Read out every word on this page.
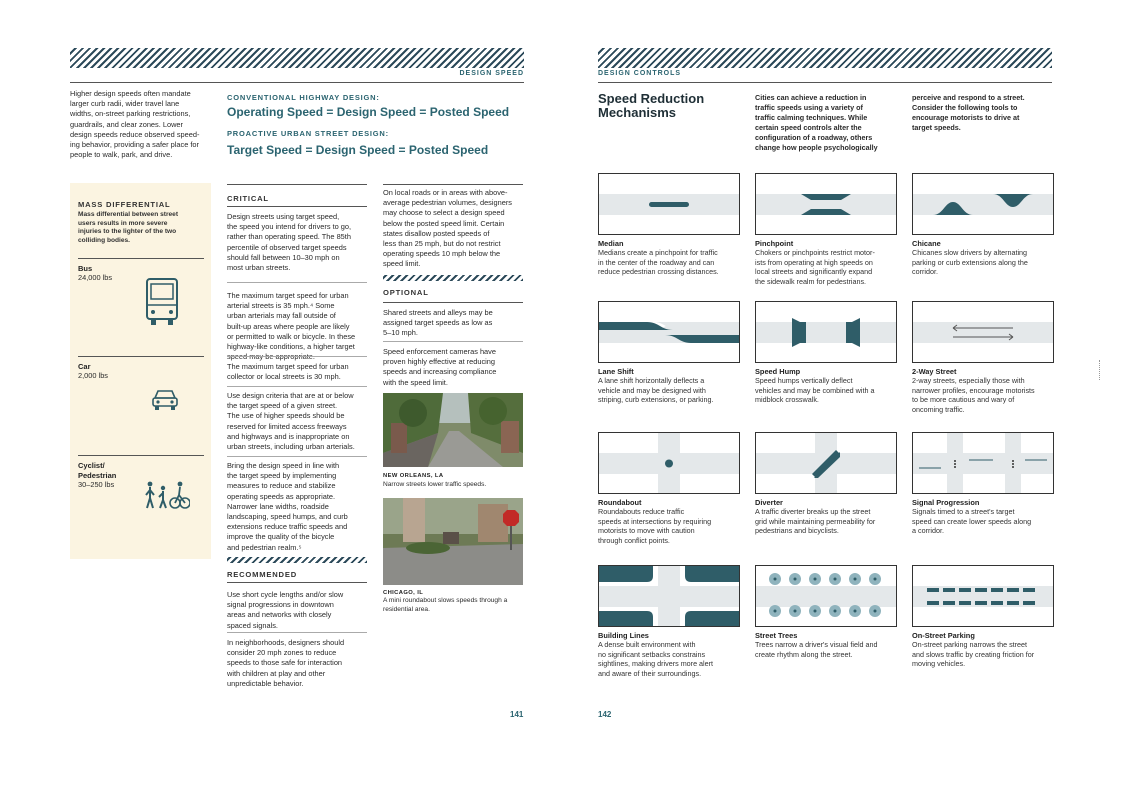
DESIGN SPEED
Higher design speeds often mandate
larger curb radii, wider travel lane
widths, on-street parking restrictions,
guardrails, and clear zones. Lower
design speeds reduce observed speed-
ing behavior, providing a safer place for
people to walk, park, and drive.
CONVENTIONAL HIGHWAY DESIGN:
Operating Speed = Design Speed = Posted Speed
PROACTIVE URBAN STREET DESIGN:
Target Speed = Design Speed = Posted Speed
MASS DIFFERENTIAL
Mass differential between street
users results in more severe
injuries to the lighter of the two
colliding bodies.
Bus
24,000 lbs
Car
2,000 lbs
Cyclist/
Pedestrian
30–250 lbs
CRITICAL
Design streets using target speed,
the speed you intend for drivers to go,
rather than operating speed. The 85th
percentile of observed target speeds
should fall between 10–30 mph on
most urban streets.
The maximum target speed for urban
arterial streets is 35 mph.⁴ Some
urban arterials may fall outside of
built-up areas where people are likely
or permitted to walk or bicycle. In these
highway-like conditions, a higher target
speed may be appropriate.
The maximum target speed for urban
collector or local streets is 30 mph.
Use design criteria that are at or below
the target speed of a given street.
The use of higher speeds should be
reserved for limited access freeways
and highways and is inappropriate on
urban streets, including urban arterials.
Bring the design speed in line with
the target speed by implementing
measures to reduce and stabilize
operating speeds as appropriate.
Narrower lane widths, roadside
landscaping, speed humps, and curb
extensions reduce traffic speeds and
improve the quality of the bicycle
and pedestrian realm.⁵
RECOMMENDED
Use short cycle lengths and/or slow
signal progressions in downtown
areas and networks with closely
spaced signals.
In neighborhoods, designers should
consider 20 mph zones to reduce
speeds to those safe for interaction
with children at play and other
unpredictable behavior.
On local roads or in areas with above-
average pedestrian volumes, designers
may choose to select a design speed
below the posted speed limit. Certain
states disallow posted speeds of
less than 25 mph, but do not restrict
operating speeds 10 mph below the
speed limit.
OPTIONAL
Shared streets and alleys may be
assigned target speeds as low as
5–10 mph.
Speed enforcement cameras have
proven highly effective at reducing
speeds and increasing compliance
with the speed limit.
NEW ORLEANS, LA
Narrow streets lower traffic speeds.
CHICAGO, IL
A mini roundabout slows speeds through a
residential area.
141
DESIGN CONTROLS
Speed Reduction
Mechanisms
Cities can achieve a reduction in
traffic speeds using a variety of
traffic calming techniques. While
certain speed controls alter the
configuration of a roadway, others
change how people psychologically
perceive and respond to a street.
Consider the following tools to
encourage motorists to drive at
target speeds.
Median
Medians create a pinchpoint for traffic
in the center of the roadway and can
reduce pedestrian crossing distances.
Pinchpoint
Chokers or pinchpoints restrict motor-
ists from operating at high speeds on
local streets and significantly expand
the sidewalk realm for pedestrians.
Chicane
Chicanes slow drivers by alternating
parking or curb extensions along the
corridor.
Lane Shift
A lane shift horizontally deflects a
vehicle and may be designed with
striping, curb extensions, or parking.
Speed Hump
Speed humps vertically deflect
vehicles and may be combined with a
midblock crosswalk.
2-Way Street
2-way streets, especially those with
narrower profiles, encourage motorists
to be more cautious and wary of
oncoming traffic.
Roundabout
Roundabouts reduce traffic
speeds at intersections by requiring
motorists to move with caution
through conflict points.
Diverter
A traffic diverter breaks up the street
grid while maintaining permeability for
pedestrians and bicyclists.
Signal Progression
Signals timed to a street's target
speed can create lower speeds along
a corridor.
Building Lines
A dense built environment with
no significant setbacks constrains
sightlines, making drivers more alert
and aware of their surroundings.
Street Trees
Trees narrow a driver's visual field and
create rhythm along the street.
On-Street Parking
On-street parking narrows the street
and slows traffic by creating friction for
moving vehicles.
142
